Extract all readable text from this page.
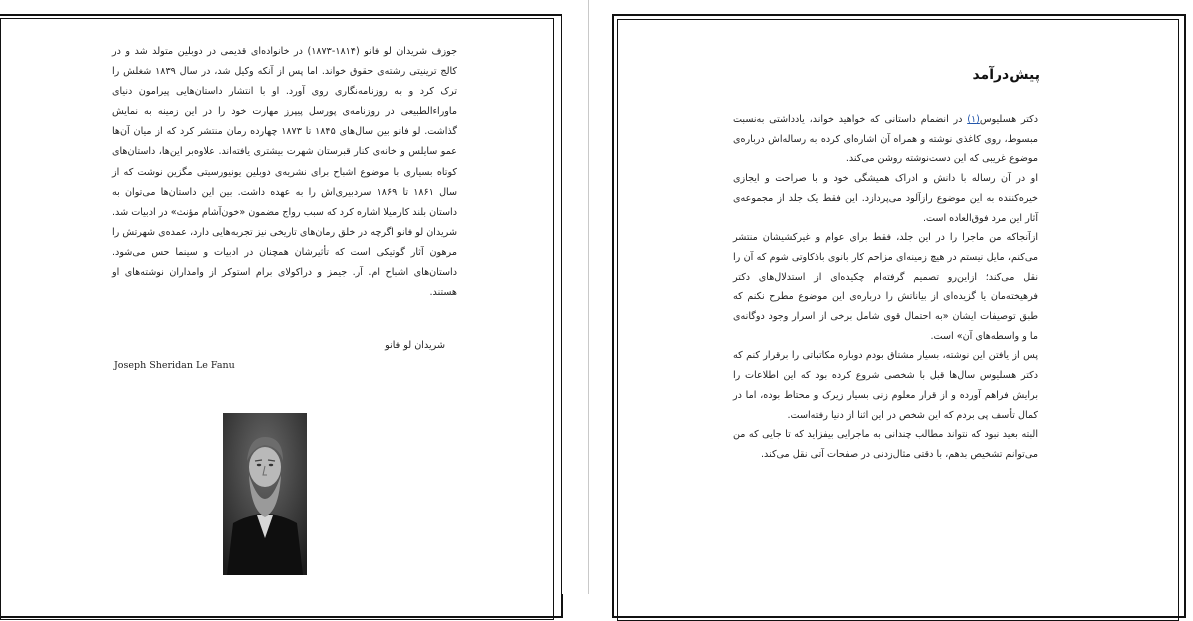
جوزف شریدان لو فانو (۱۸۱۴-۱۸۷۳) در خانواده‌ای قدیمی در دوبلین متولد شد و در کالج ترینیتی رشته‌ی حقوق خواند. اما پس از آنکه وکیل شد، در سال ۱۸۳۹ شغلش را ترک کرد و به روزنامه‌نگاری روی آورد. او با انتشار داستان‌هایی پیرامون دنیای ماوراءالطبیعی در روزنامه‌ی پورسل پیپرز مهارت خود را در این زمینه به نمایش گذاشت. لو فانو بین سال‌های ۱۸۴۵ تا ۱۸۷۳ چهارده رمان منتشر کرد که از میان آن‌ها عمو سایلس و خانه‌ی کنار قبرستان شهرت بیشتری یافته‌اند. علاوه‌بر این‌ها، داستان‌های کوتاه بسیاری با موضوع اشباح برای نشریه‌ی دوبلین یونیورسیتی مگزین نوشت که از سال ۱۸۶۱ تا ۱۸۶۹ سردبیری‌اش را به عهده داشت. بین این داستان‌ها می‌توان به داستان بلند کارمیلا اشاره کرد که سبب رواج مضمون «خون‌آشام مؤنث» در ادبیات شد. شریدان لو فانو اگرچه در خلق رمان‌های تاریخی نیز تجربه‌هایی دارد، عمده‌ی شهرتش را مرهون آثار گوتیکی است که تأثیرشان همچنان در ادبیات و سینما حس می‌شود. داستان‌های اشباح ام. آر. جیمز و دراکولای برام استوکر از وامداران نوشته‌های او هستند.

شریدان لو فانو
Joseph Sheridan Le Fanu
پیش‌درآمد

دکتر هسلیوس(۱) در انضمام داستانی که خواهید خواند، یادداشتی به‌نسبت مبسوط، روی کاغذی نوشته و همراه آن اشاره‌ای کرده به رساله‌اش درباره‌ی موضوع غریبی که این دست‌نوشته روشن می‌کند.

او در آن رساله با دانش و ادراک همیشگی خود و با صراحت و ایجازی خیره‌کننده به این موضوع رازآلود می‌پردازد. این فقط یک جلد از مجموعه‌ی آثار این مرد فوق‌العاده است.

ازآنجاکه من ماجرا را در این جلد، فقط برای عوام و غیرکشیشان منتشر می‌کنم، مایل نیستم در هیچ زمینه‌ای مزاحم کار بانوی باذکاوتی شوم که آن را نقل می‌کند؛ ازاین‌رو تصمیم گرفته‌ام چکیده‌ای از استدلال‌های دکتر فرهیخته‌مان یا گزیده‌ای از بیاناتش را درباره‌ی این موضوع مطرح نکنم که طبق توصیفات ایشان «به احتمال قوی شامل برخی از اسرار وجود دوگانه‌ی ما و واسطه‌های آن» است.

پس از یافتن این نوشته، بسیار مشتاق بودم دوباره مکاتباتی را برقرار کنم که دکتر هسلیوس سال‌ها قبل با شخصی شروع کرده بود که این اطلاعات را برایش فراهم آورده و از قرار معلوم زنی بسیار زیرک و محتاط بوده، اما در کمال تأسف پی بردم که این شخص در این اثنا از دنیا رفته‌است.

البته بعید نبود که نتواند مطالب چندانی به ماجرایی بیفزاید که تا جایی که من می‌توانم تشخیص بدهم، با دقتی مثال‌زدنی در صفحات آتی نقل می‌کند.
